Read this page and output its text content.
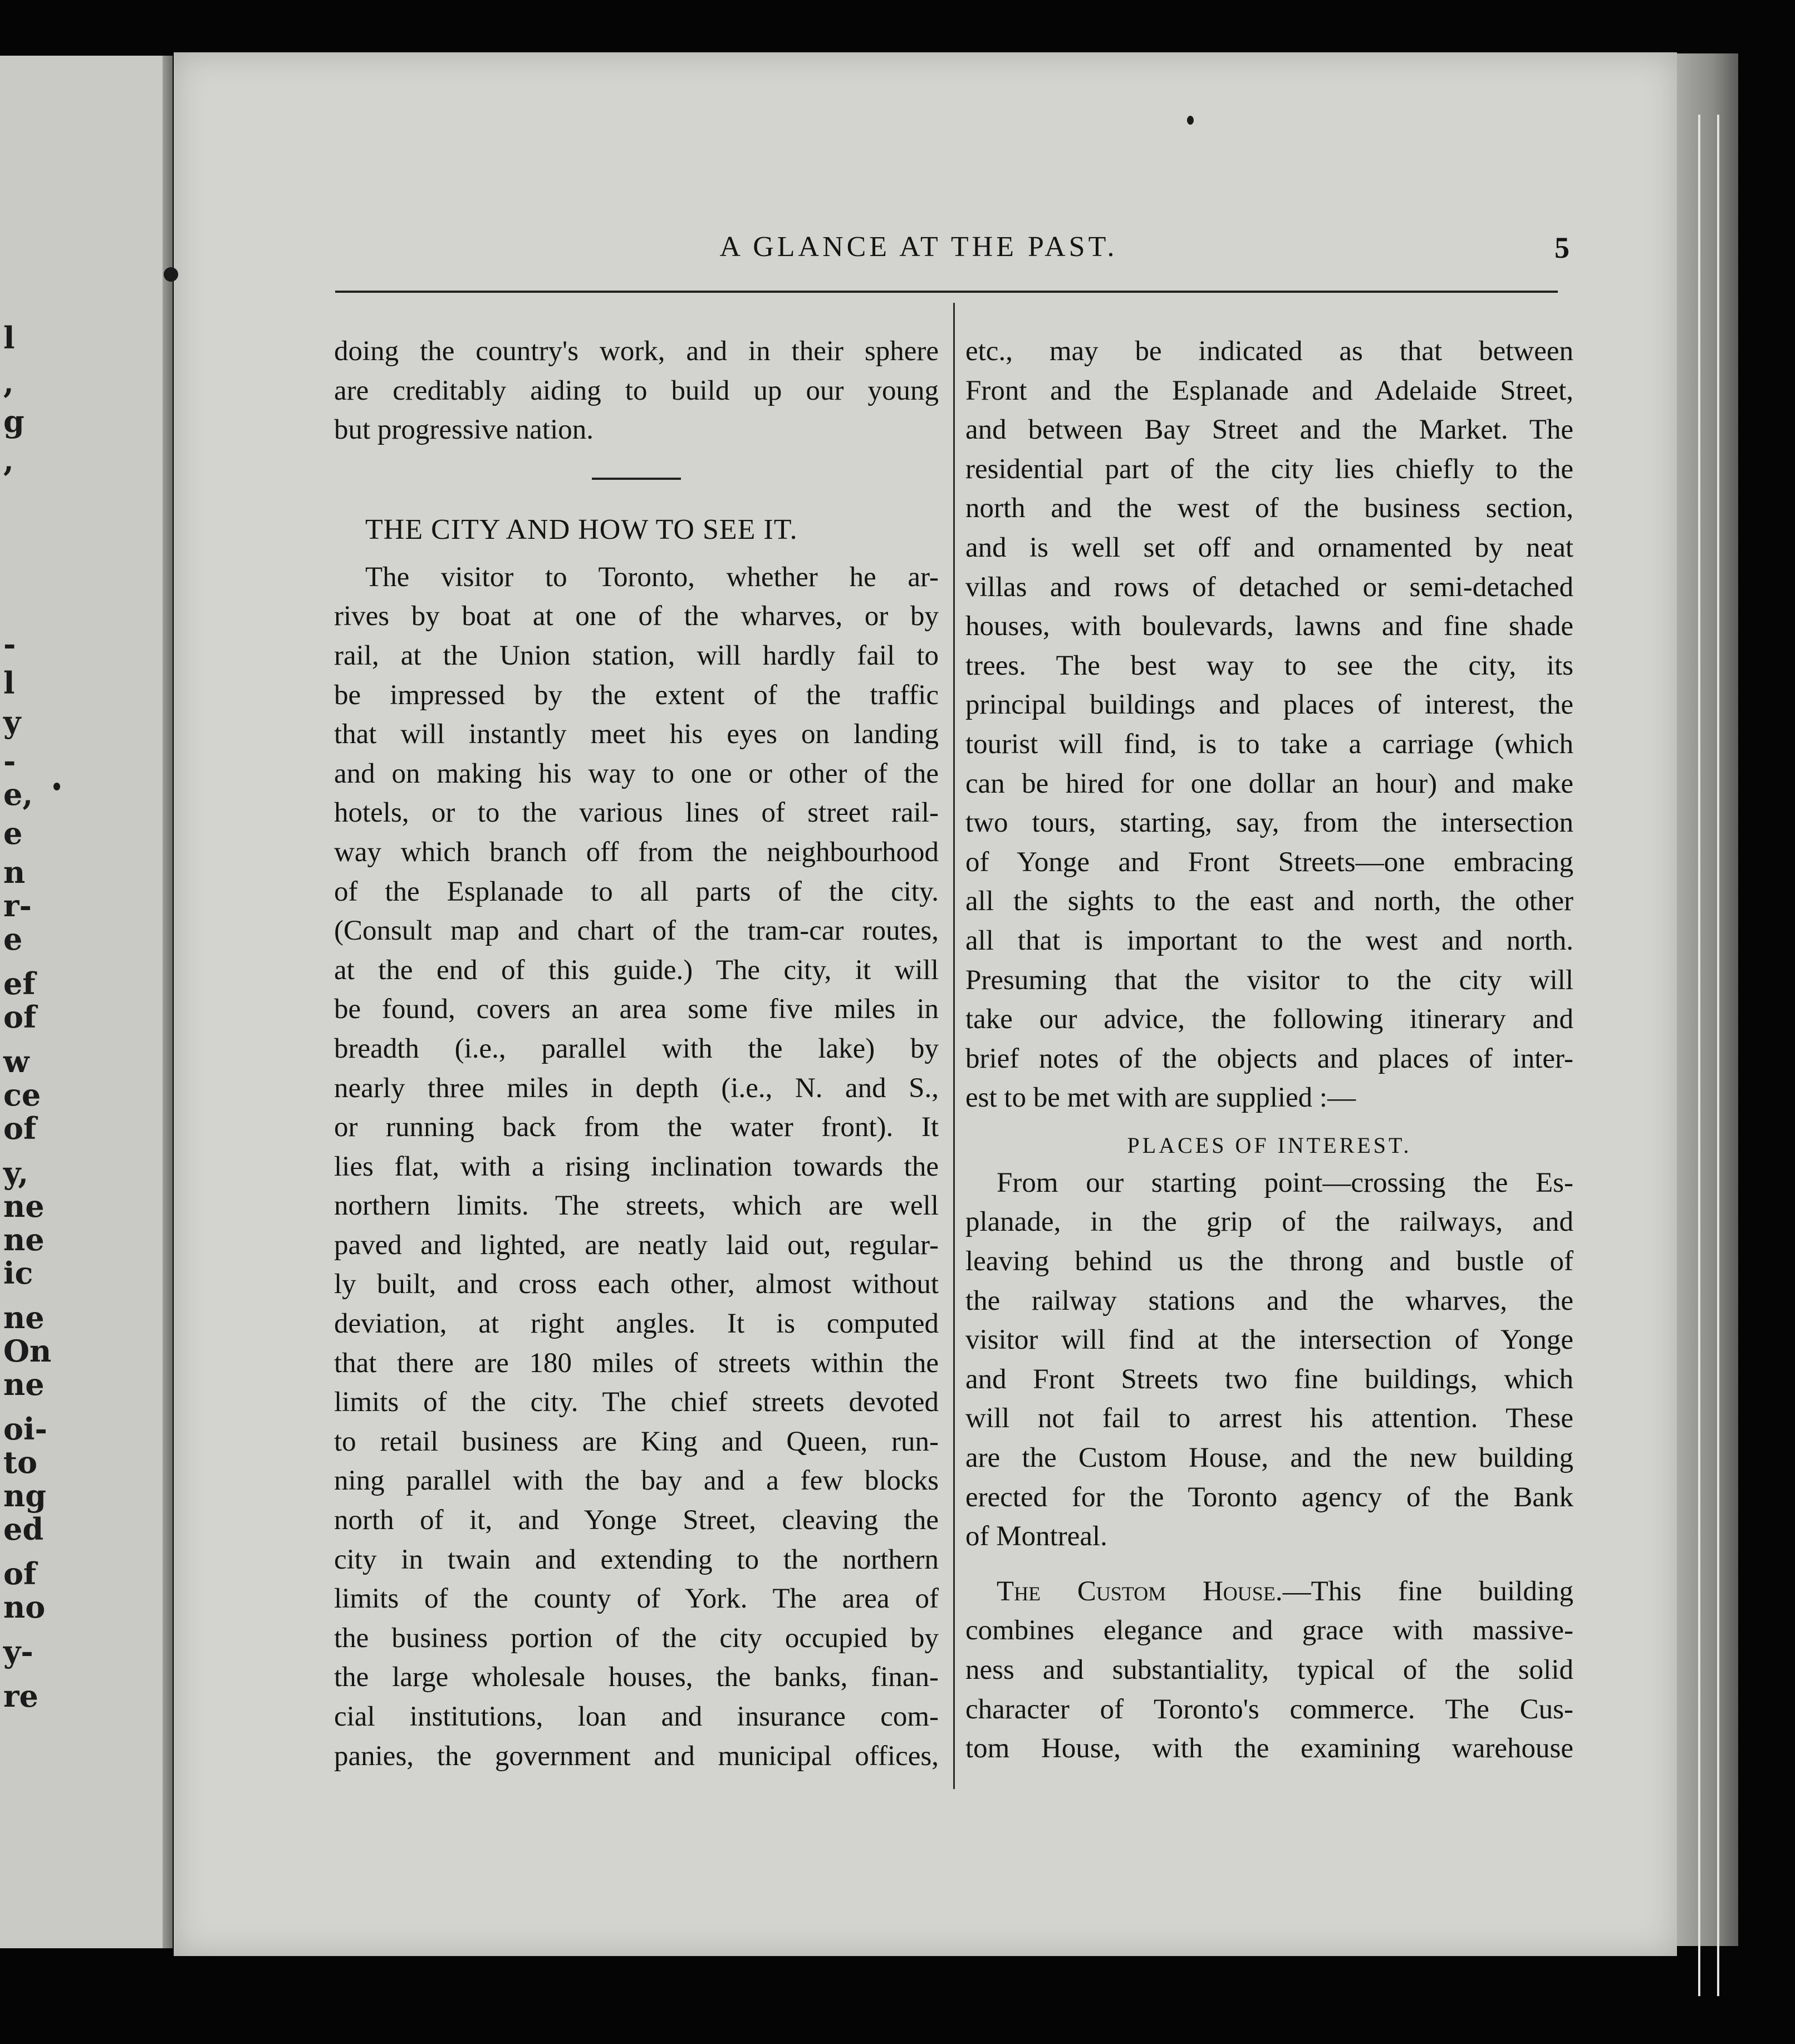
l
,
g
,
-
l
y
-
e,
e
n
r-
e
ef
of
w
ce
of
y,
ne
ne
ic
ne
On
ne
oi-
to
ng
ed
of
no
y-
re
A GLANCE AT THE PAST.	5
doing the country's work, and in their sphere
are creditably aiding to build up our young
but progressive nation.
THE CITY AND HOW TO SEE IT.
The visitor to Toronto, whether he ar-
rives by boat at one of the wharves, or by
rail, at the Union station, will hardly fail to
be impressed by the extent of the traffic
that will instantly meet his eyes on landing
and on making his way to one or other of the
hotels, or to the various lines of street rail-
way which branch off from the neighbourhood
of the Esplanade to all parts of the city.
(Consult map and chart of the tram-car routes,
at the end of this guide.) The city, it will
be found, covers an area some five miles in
breadth (i.e., parallel with the lake) by
nearly three miles in depth (i.e., N. and S.,
or running back from the water front). It
lies flat, with a rising inclination towards the
northern limits. The streets, which are well
paved and lighted, are neatly laid out, regular-
ly built, and cross each other, almost without
deviation, at right angles. It is computed
that there are 180 miles of streets within the
limits of the city. The chief streets devoted
to retail business are King and Queen, run-
ning parallel with the bay and a few blocks
north of it, and Yonge Street, cleaving the
city in twain and extending to the northern
limits of the county of York. The area of
the business portion of the city occupied by
the large wholesale houses, the banks, finan-
cial institutions, loan and insurance com-
panies, the government and municipal offices,
etc., may be indicated as that between
Front and the Esplanade and Adelaide Street,
and between Bay Street and the Market. The
residential part of the city lies chiefly to the
north and the west of the business section,
and is well set off and ornamented by neat
villas and rows of detached or semi-detached
houses, with boulevards, lawns and fine shade
trees. The best way to see the city, its
principal buildings and places of interest, the
tourist will find, is to take a carriage (which
can be hired for one dollar an hour) and make
two tours, starting, say, from the intersection
of Yonge and Front Streets—one embracing
all the sights to the east and north, the other
all that is important to the west and north.
Presuming that the visitor to the city will
take our advice, the following itinerary and
brief notes of the objects and places of inter-
est to be met with are supplied :—
PLACES OF INTEREST.
From our starting point—crossing the Es-
planade, in the grip of the railways, and
leaving behind us the throng and bustle of
the railway stations and the wharves, the
visitor will find at the intersection of Yonge
and Front Streets two fine buildings, which
will not fail to arrest his attention. These
are the Custom House, and the new building
erected for the Toronto agency of the Bank
of Montreal.
The Custom House.—This fine building
combines elegance and grace with massive-
ness and substantiality, typical of the solid
character of Toronto's commerce. The Cus-
tom House, with the examining warehouse
